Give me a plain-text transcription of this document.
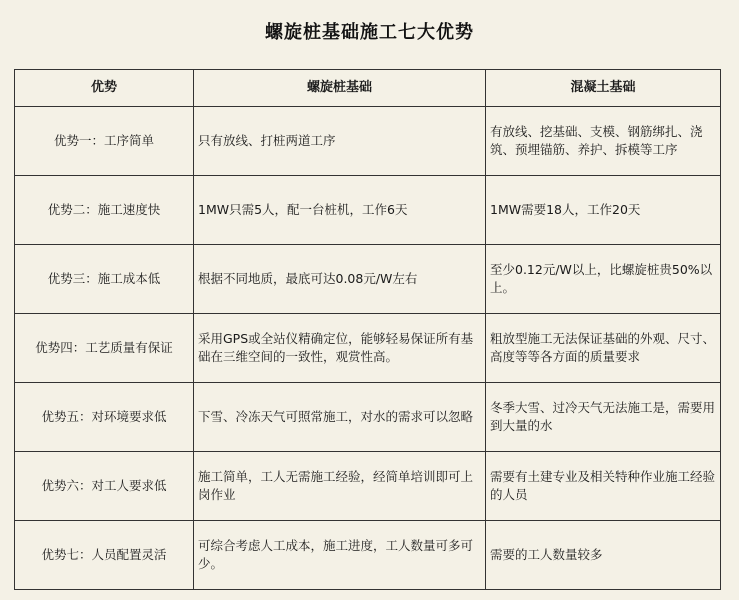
螺旋桩基础施工七大优势
优势	螺旋桩基础	混凝土基础
优势一：工序简单	只有放线、打桩两道工序	有放线、挖基础、支模、钢筋绑扎、浇筑、预埋锚筋、养护、拆模等工序
优势二：施工速度快	1MW只需5人，配一台桩机，工作6天	1MW需要18人，工作20天
优势三：施工成本低	根据不同地质，最底可达0.08元/W左右	至少0.12元/W以上，比螺旋桩贵50%以上。
优势四：工艺质量有保证	采用GPS或全站仪精确定位，能够轻易保证所有基础在三维空间的一致性，观赏性高。	粗放型施工无法保证基础的外观、尺寸、高度等等各方面的质量要求
优势五：对环境要求低	下雪、冷冻天气可照常施工，对水的需求可以忽略	冬季大雪、过冷天气无法施工是，需要用到大量的水
优势六：对工人要求低	施工简单，工人无需施工经验，经简单培训即可上岗作业	需要有土建专业及相关特种作业施工经验的人员
优势七：人员配置灵活	可综合考虑人工成本，施工进度，工人数量可多可少。	需要的工人数量较多
